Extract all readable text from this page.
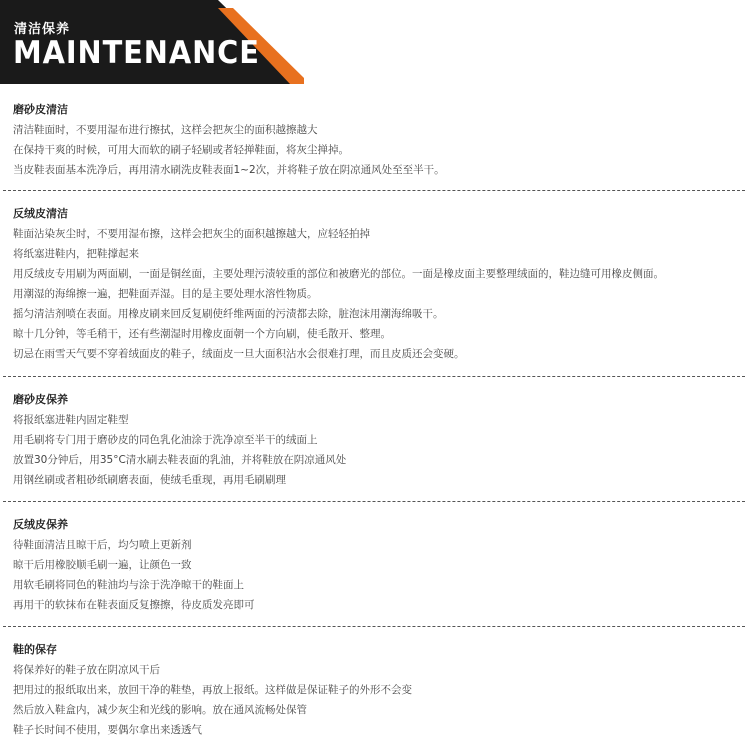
清洁保养
MAINTENANCE
磨砂皮清洁
清洁鞋面时，不要用湿布进行擦拭，这样会把灰尘的面积越擦越大
在保持干爽的时候，可用大而软的刷子轻刷或者轻掸鞋面，将灰尘掸掉。
当皮鞋表面基本洗净后，再用清水刷洗皮鞋表面1~2次，并将鞋子放在阴凉通风处至至半干。
反绒皮清洁
鞋面沾染灰尘时，不要用湿布擦，这样会把灰尘的面积越擦越大，应轻轻拍掉
将纸塞进鞋内，把鞋撑起来
用反绒皮专用刷为两面刷，一面是铜丝面，主要处理污渍较重的部位和被磨光的部位。一面是橡皮面主要整理绒面的，鞋边缝可用橡皮侧面。
用潮湿的海绵擦一遍，把鞋面弄湿。目的是主要处理水溶性物质。
摇匀清洁剂喷在表面。用橡皮刷来回反复刷使纤维两面的污渍都去除，脏泡沫用潮海绵吸干。
晾十几分钟，等毛稍干，还有些潮湿时用橡皮面朝一个方向刷，使毛散开、整理。
切忌在雨雪天气要不穿着绒面皮的鞋子，绒面皮一旦大面积沾水会很难打理，而且皮质还会变硬。
磨砂皮保养
将报纸塞进鞋内固定鞋型
用毛刷将专门用于磨砂皮的同色乳化油涂于洗净凉至半干的绒面上
放置30分钟后，用35°C清水刷去鞋表面的乳油，并将鞋放在阴凉通风处
用钢丝刷或者粗砂纸刷磨表面，使绒毛重现，再用毛刷刷理
反绒皮保养
待鞋面清洁且晾干后，均匀喷上更新剂
晾干后用橡胶顺毛刷一遍，让颜色一致
用软毛刷将同色的鞋油均与涂于洗净晾干的鞋面上
再用干的软抹布在鞋表面反复擦擦，待皮质发亮即可
鞋的保存
将保养好的鞋子放在阴凉风干后
把用过的报纸取出来，放回干净的鞋垫，再放上报纸。这样做是保证鞋子的外形不会变
然后放入鞋盒内，减少灰尘和光线的影响。放在通风流畅处保管
鞋子长时间不使用，要偶尔拿出来透透气
